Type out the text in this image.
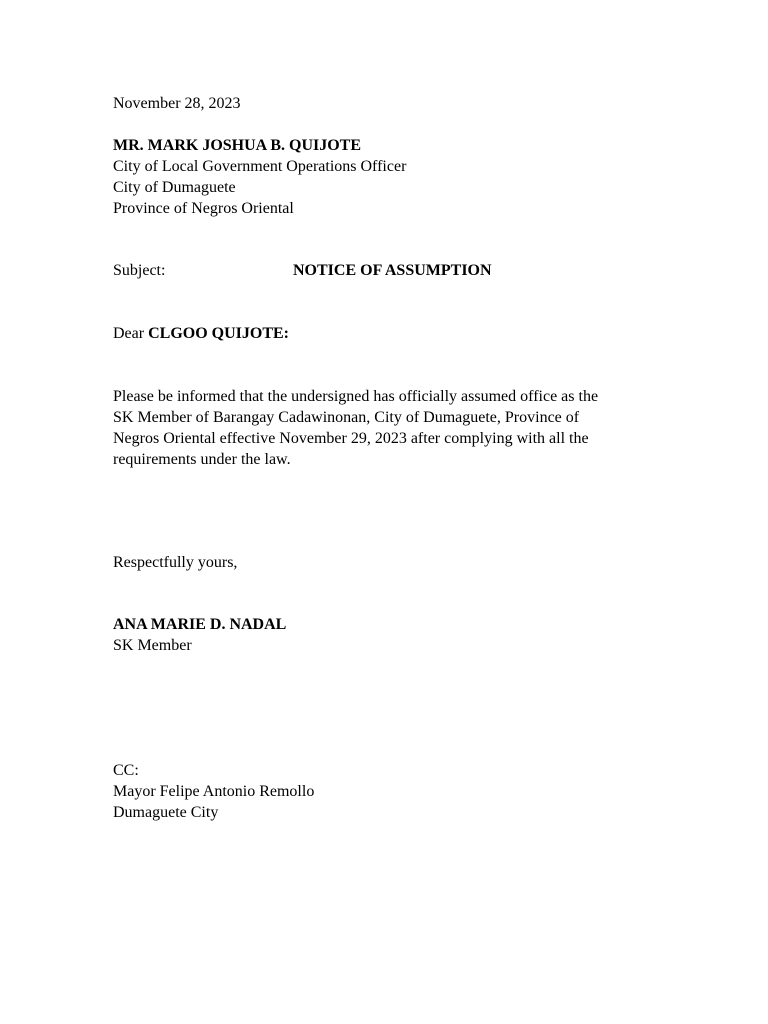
November 28, 2023
MR. MARK JOSHUA B. QUIJOTE
City of Local Government Operations Officer
City of Dumaguete
Province of Negros Oriental
Subject:	NOTICE OF ASSUMPTION
Dear CLGOO QUIJOTE:
Please be informed that the undersigned has officially assumed office as the
SK Member of Barangay Cadawinonan, City of Dumaguete, Province of
Negros Oriental effective November 29, 2023 after complying with all the
requirements under the law.
Respectfully yours,
ANA MARIE D. NADAL
SK Member
CC:
Mayor Felipe Antonio Remollo
Dumaguete City
